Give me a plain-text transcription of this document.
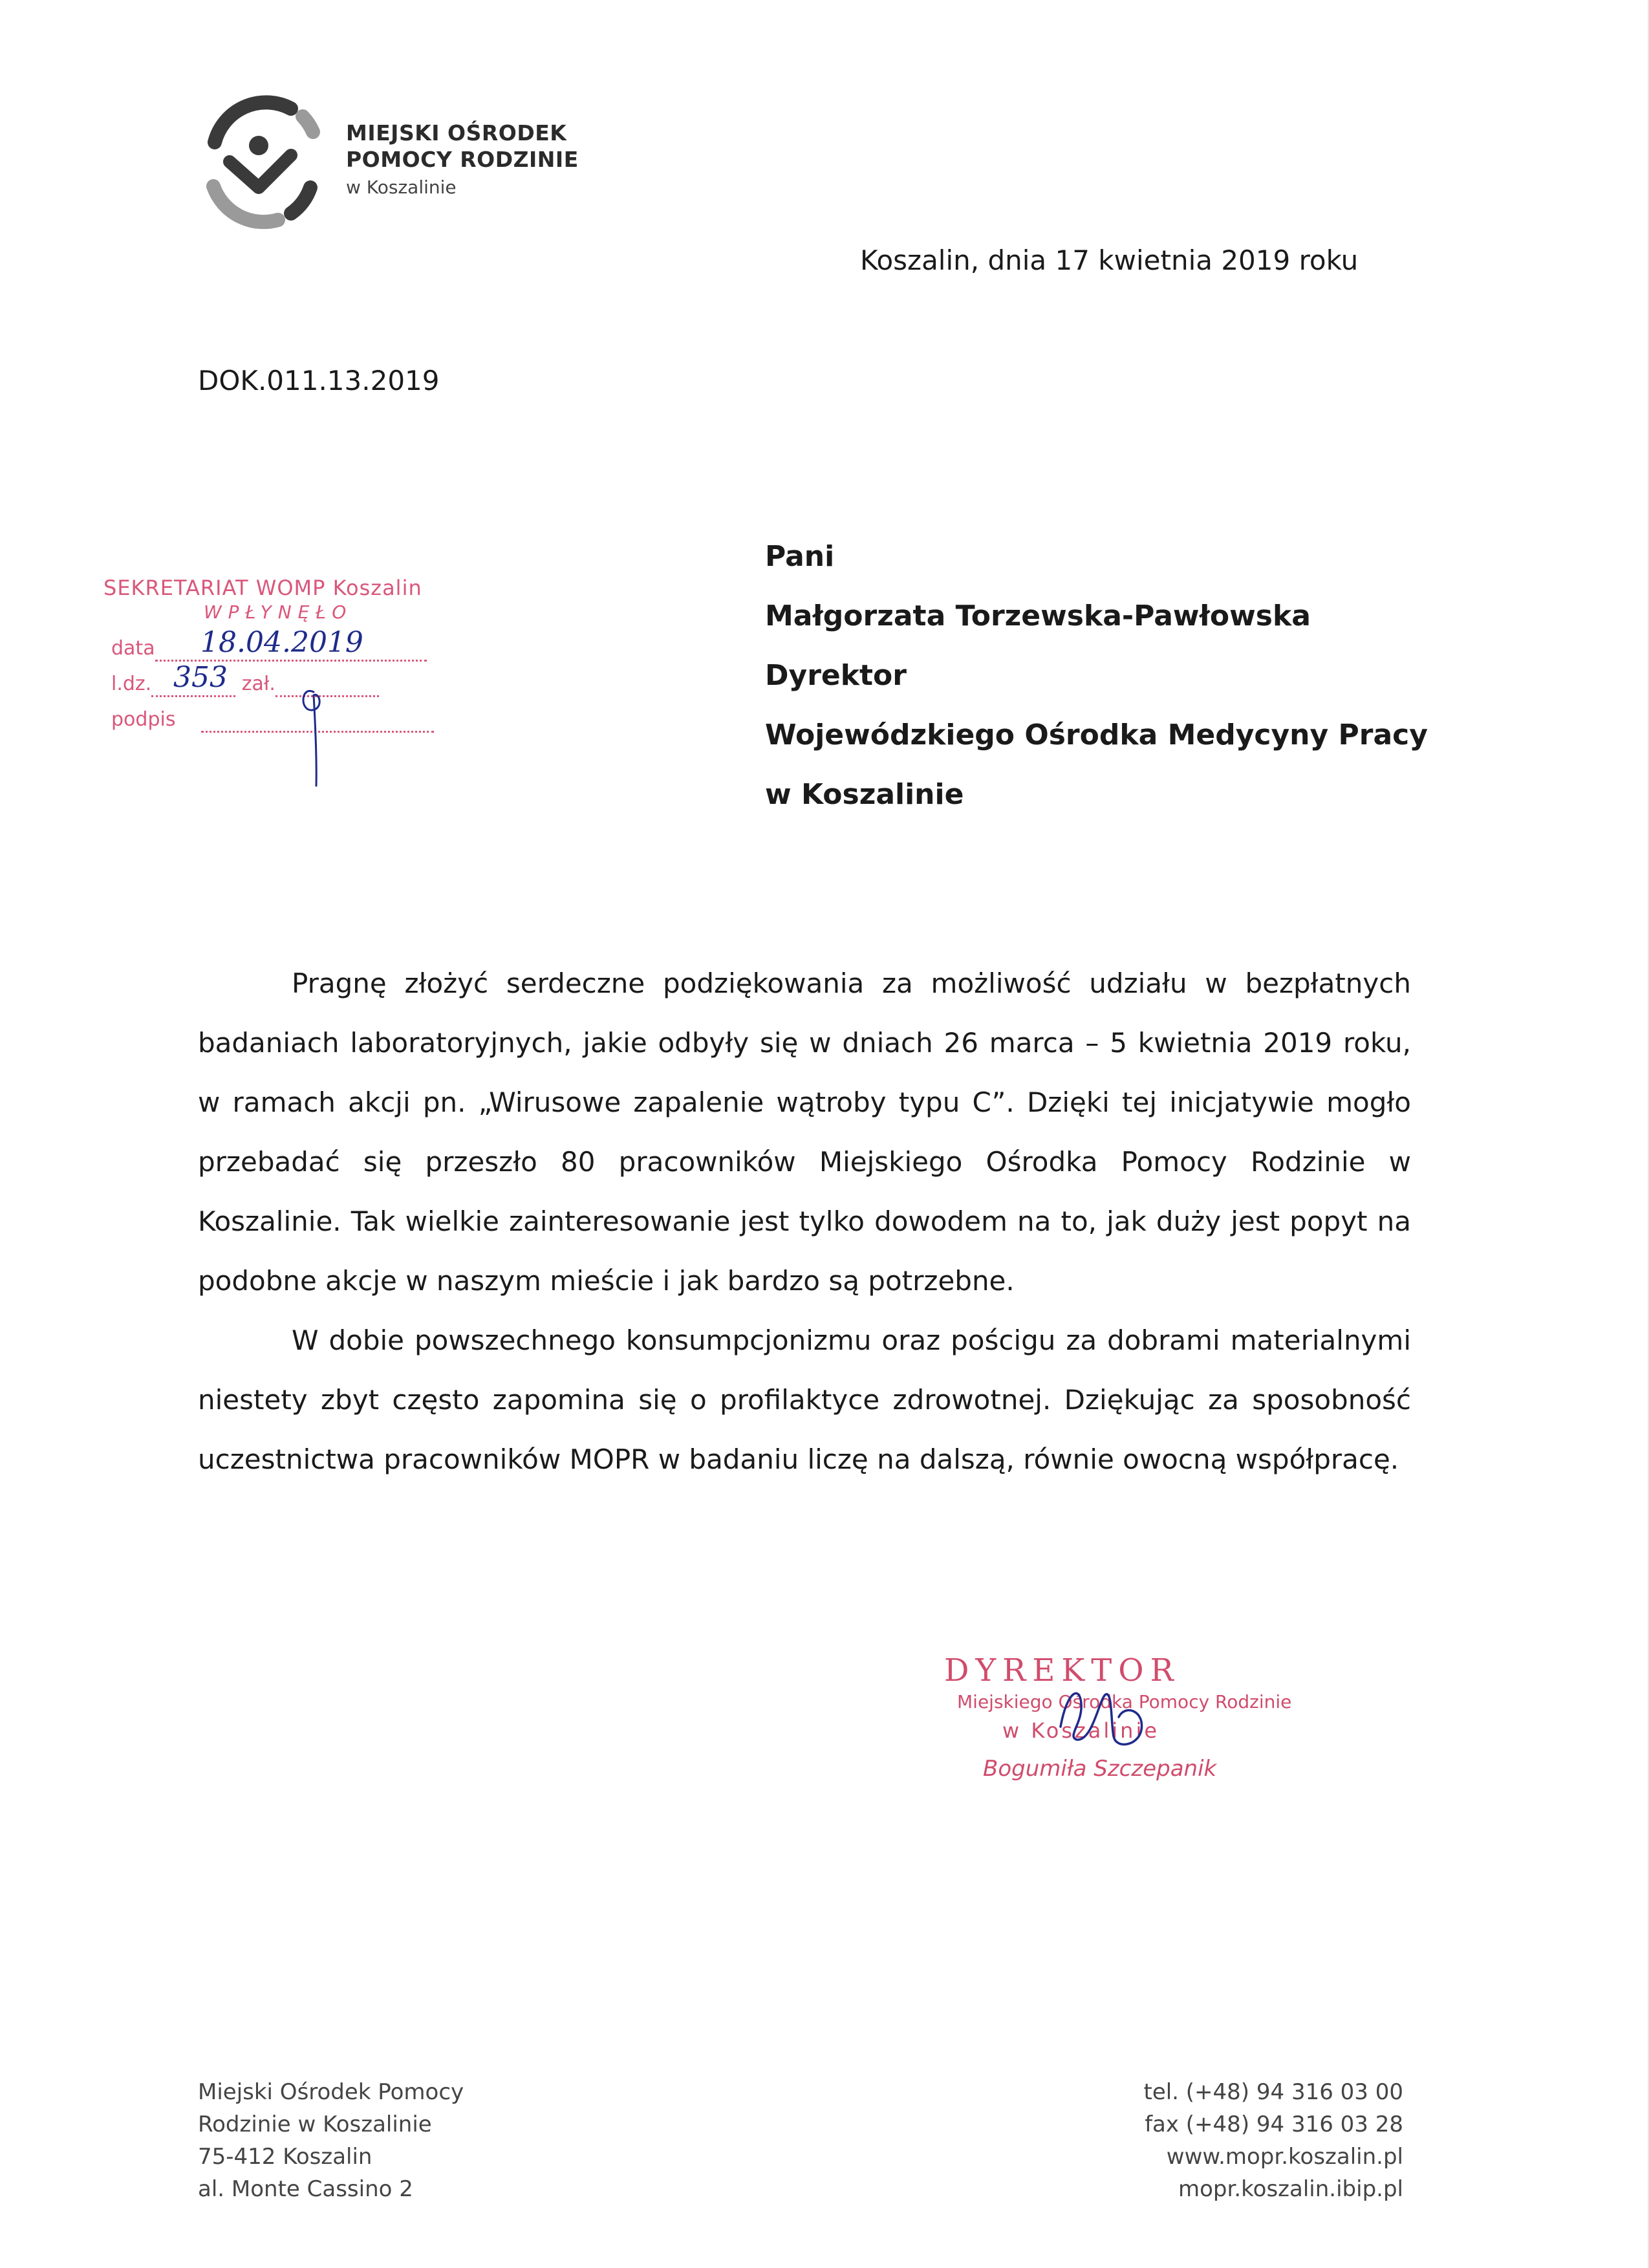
MIEJSKI OŚRODEK
POMOCY RODZINIE
w Koszalinie
Koszalin, dnia 17 kwietnia 2019 roku
DOK.011.13.2019
SEKRETARIAT WOMP Koszalin
WPŁYNĘŁO
data	18.04.2019
l.dz.	zał.
353
podpis
Pani
Małgorzata Torzewska-Pawłowska
Dyrektor
Wojewódzkiego Ośrodka Medycyny Pracy
w Koszalinie

Pragnę złożyć serdeczne podziękowania za możliwość udziału w bezpłatnych badaniach laboratoryjnych, jakie odbyły się w dniach 26 marca – 5 kwietnia 2019 roku, w ramach akcji pn. „Wirusowe zapalenie wątroby typu C”. Dzięki tej inicjatywie mogło przebadać się przeszło 80 pracowników Miejskiego Ośrodka Pomocy Rodzinie w Koszalinie. Tak wielkie zainteresowanie jest tylko dowodem na to, jak duży jest popyt na podobne akcje w naszym mieście i jak bardzo są potrzebne.

W dobie powszechnego konsumpcjonizmu oraz pościgu za dobrami materialnymi niestety zbyt często zapomina się o profilaktyce zdrowotnej. Dziękując za sposobność uczestnictwa pracowników MOPR w badaniu liczę na dalszą, równie owocną współpracę.

DYREKTOR
Miejskiego Ośrodka Pomocy Rodzinie
w Koszalinie
Bogumiła Szczepanik
Miejski Ośrodek Pomocy
Rodzinie w Koszalinie
75-412 Koszalin
al. Monte Cassino 2
tel. (+48) 94 316 03 00
fax (+48) 94 316 03 28
www.mopr.koszalin.pl
mopr.koszalin.ibip.pl
